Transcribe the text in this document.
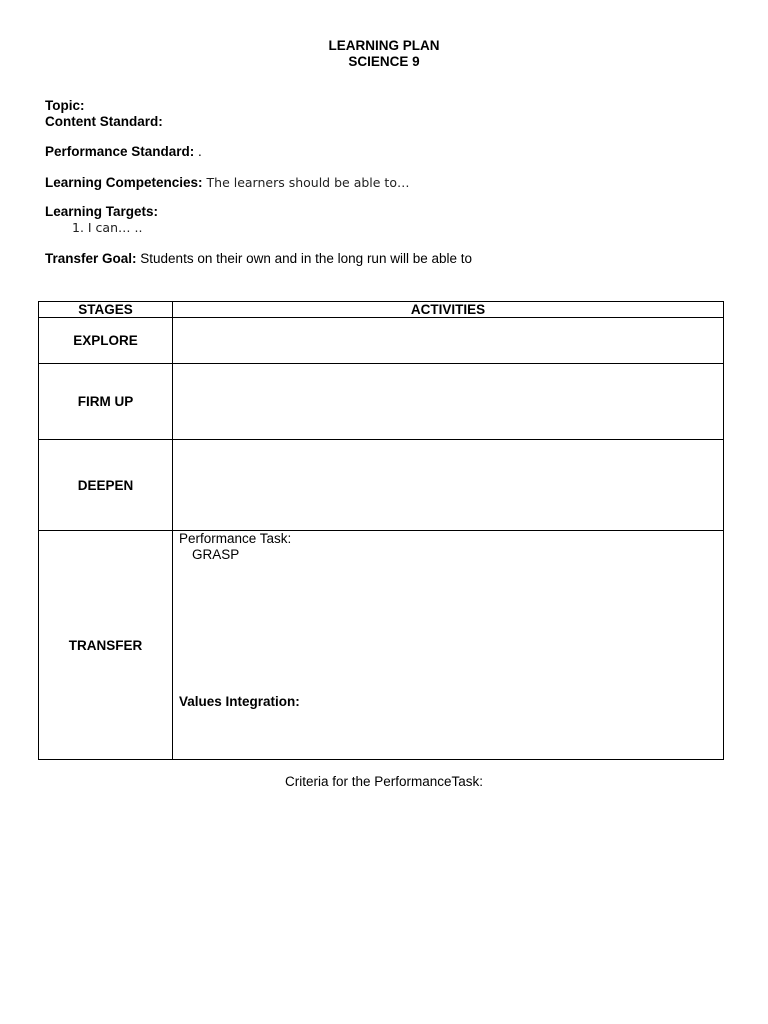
LEARNING PLAN
SCIENCE 9
Topic:
Content Standard:
Performance Standard: .
Learning Competencies: The learners should be able to…
Learning Targets:
1. I can… ..
Transfer Goal: Students on their own and in the long run will be able to
STAGES	ACTIVITIES
EXPLORE	
FIRM UP	
DEEPEN	
TRANSFER	Performance Task:
GRASP
Values Integration:
Criteria for the PerformanceTask:
